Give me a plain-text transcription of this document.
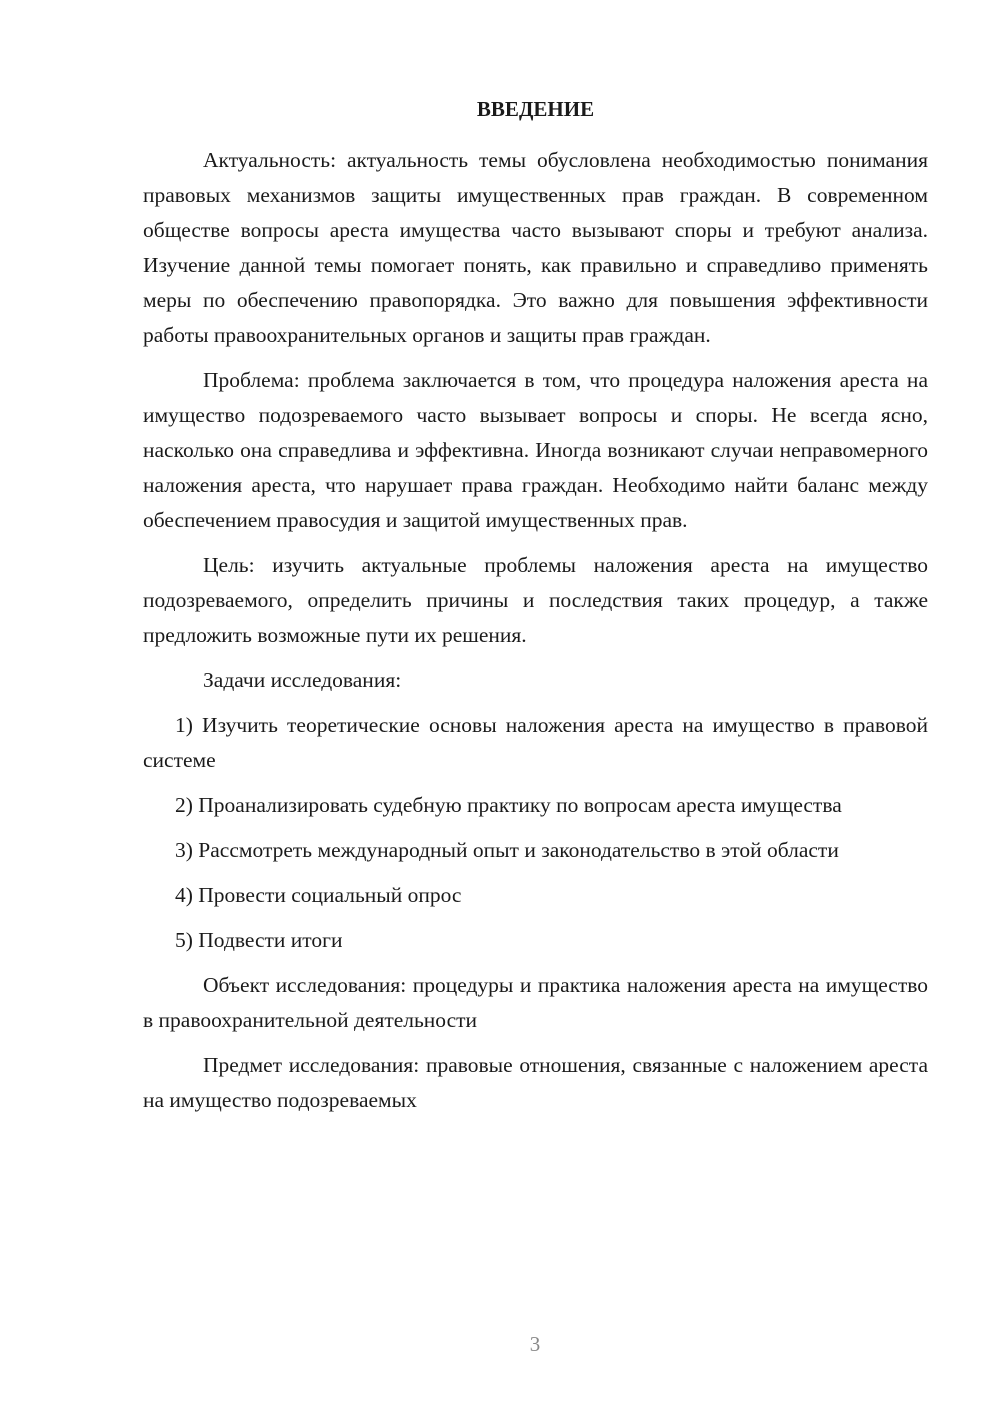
ВВЕДЕНИЕ

Актуальность: актуальность темы обусловлена необходимостью понимания правовых механизмов защиты имущественных прав граждан. В современном обществе вопросы ареста имущества часто вызывают споры и требуют анализа. Изучение данной темы помогает понять, как правильно и справедливо применять меры по обеспечению правопорядка. Это важно для повышения эффективности работы правоохранительных органов и защиты прав граждан.

Проблема: проблема заключается в том, что процедура наложения ареста на имущество подозреваемого часто вызывает вопросы и споры. Не всегда ясно, насколько она справедлива и эффективна. Иногда возникают случаи неправомерного наложения ареста, что нарушает права граждан. Необходимо найти баланс между обеспечением правосудия и защитой имущественных прав.

Цель: изучить актуальные проблемы наложения ареста на имущество подозреваемого, определить причины и последствия таких процедур, а также предложить возможные пути их решения.

Задачи исследования:

1) Изучить теоретические основы наложения ареста на имущество в правовой системе

2) Проанализировать судебную практику по вопросам ареста имущества

3) Рассмотреть международный опыт и законодательство в этой области

4) Провести социальный опрос

5) Подвести итоги

Объект исследования: процедуры и практика наложения ареста на имущество в правоохранительной деятельности

Предмет исследования: правовые отношения, связанные с наложением ареста на имущество подозреваемых

3
